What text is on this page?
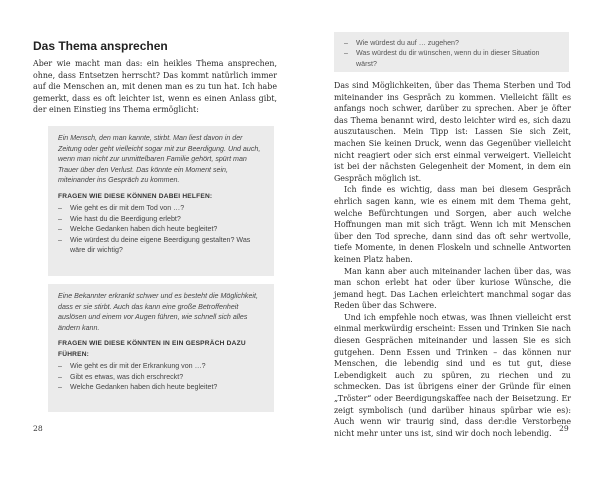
Das Thema ansprechen

Aber wie macht man das: ein heikles Thema ansprechen, ohne, dass Entsetzen herrscht? Das kommt natürlich immer auf die Menschen an, mit denen man es zu tun hat. Ich habe gemerkt, dass es oft leichter ist, wenn es einen Anlass gibt, der einen Einstieg ins Thema ermöglicht:

Ein Mensch, den man kannte, stirbt. Man liest davon in der Zeitung oder geht vielleicht sogar mit zur Beerdigung. Und auch, wenn man nicht zur unmittelbaren Familie gehört, spürt man Trauer über den Verlust. Das könnte ein Moment sein, miteinander ins Gespräch zu kommen.

FRAGEN WIE DIESE KÖNNEN DABEI HELFEN:

– Wie geht es dir mit dem Tod von …?
– Wie hast du die Beerdigung erlebt?
– Welche Gedanken haben dich heute begleitet?
– Wie würdest du deine eigene Beerdigung gestalten? Was wäre dir wichtig?

Eine Bekannter erkrankt schwer und es besteht die Möglichkeit, dass er sie stirbt. Auch das kann eine große Betroffenheit auslösen und einem vor Augen führen, wie schnell sich alles ändern kann.

FRAGEN WIE DIESE KÖNNTEN IN EIN GESPRÄCH DAZU FÜHREN:

– Wie geht es dir mit der Erkrankung von …?
– Gibt es etwas, was dich erschreckt?
– Welche Gedanken haben dich heute begleitet?
28
– Wie würdest du auf … zugehen?
– Was würdest du dir wünschen, wenn du in dieser Situation wärst?

Das sind Möglichkeiten, über das Thema Sterben und Tod miteinander ins Gespräch zu kommen. Vielleicht fällt es anfangs noch schwer, darüber zu sprechen. Aber je öfter das Thema benannt wird, desto leichter wird es, sich dazu auszutauschen. Mein Tipp ist: Lassen Sie sich Zeit, machen Sie keinen Druck, wenn das Gegenüber vielleicht nicht reagiert oder sich erst einmal verweigert. Vielleicht ist bei der nächsten Gelegenheit der Moment, in dem ein Gespräch möglich ist.

Ich finde es wichtig, dass man bei diesem Gespräch ehrlich sagen kann, wie es einem mit dem Thema geht, welche Befürchtungen und Sorgen, aber auch welche Hoffnungen man mit sich trägt. Wenn ich mit Menschen über den Tod spreche, dann sind das oft sehr wertvolle, tiefe Momente, in denen Floskeln und schnelle Antworten keinen Platz haben.

Man kann aber auch miteinander lachen über das, was man schon erlebt hat oder über kuriose Wünsche, die jemand hegt. Das Lachen erleichtert manchmal sogar das Reden über das Schwere.

Und ich empfehle noch etwas, was Ihnen vielleicht erst einmal merkwürdig erscheint: Essen und Trinken Sie nach diesen Gesprächen miteinander und lassen Sie es sich gutgehen. Denn Essen und Trinken – das können nur Menschen, die lebendig sind und es tut gut, diese Lebendigkeit auch zu spüren, zu riechen und zu schmecken. Das ist übrigens einer der Gründe für einen „Tröster“ oder Beerdigungskaffee nach der Beisetzung. Er zeigt symbolisch (und darüber hinaus spürbar wie es): Auch wenn wir traurig sind, dass der:die Verstorbene nicht mehr unter uns ist, sind wir doch noch lebendig.

29
